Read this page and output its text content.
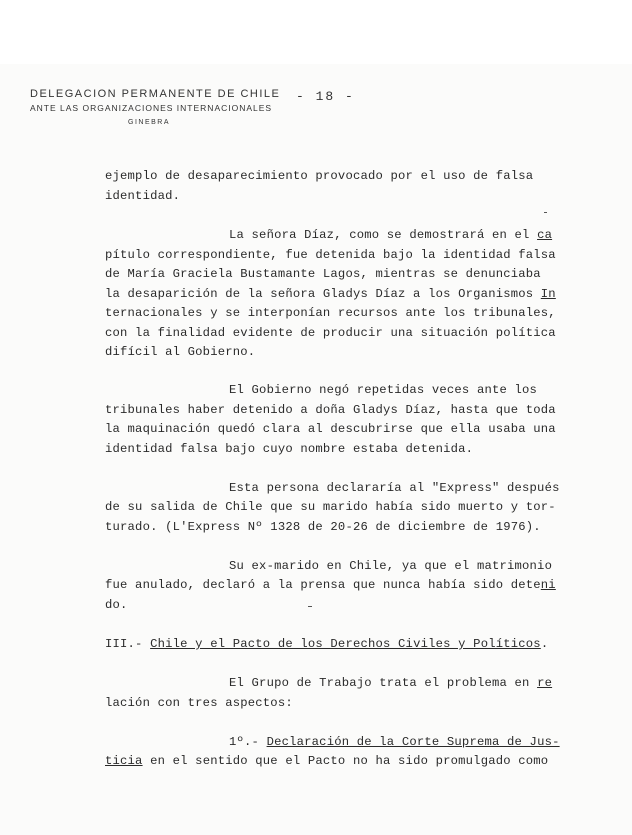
DELEGACION PERMANENTE DE CHILE
ANTE LAS ORGANIZACIONES INTERNACIONALES
GINEBRA
- 18 -
ejemplo de desaparecimiento provocado por el uso de falsa
identidad.
La señora Díaz, como se demostrará en el ca
pítulo correspondiente, fue detenida bajo la identidad falsa
de María Graciela Bustamante Lagos, mientras se denunciaba
la desaparición de la señora Gladys Díaz a los Organismos In
ternacionales y se interponían recursos ante los tribunales,
con la finalidad evidente de producir una situación política
difícil al Gobierno.
El Gobierno negó repetidas veces ante los
tribunales haber detenido a doña Gladys Díaz, hasta que toda
la maquinación quedó clara al descubrirse que ella usaba una
identidad falsa bajo cuyo nombre estaba detenida.
Esta persona declararía al "Express" después
de su salida de Chile que su marido había sido muerto y tor-
turado. (L'Express Nº 1328 de 20-26 de diciembre de 1976).
Su ex-marido en Chile, ya que el matrimonio
fue anulado, declaró a la prensa que nunca había sido deteni
do.
III.- Chile y el Pacto de los Derechos Civiles y Políticos.
El Grupo de Trabajo trata el problema en re
lación con tres aspectos:
1º.- Declaración de la Corte Suprema de Jus-
ticia en el sentido que el Pacto no ha sido promulgado como
